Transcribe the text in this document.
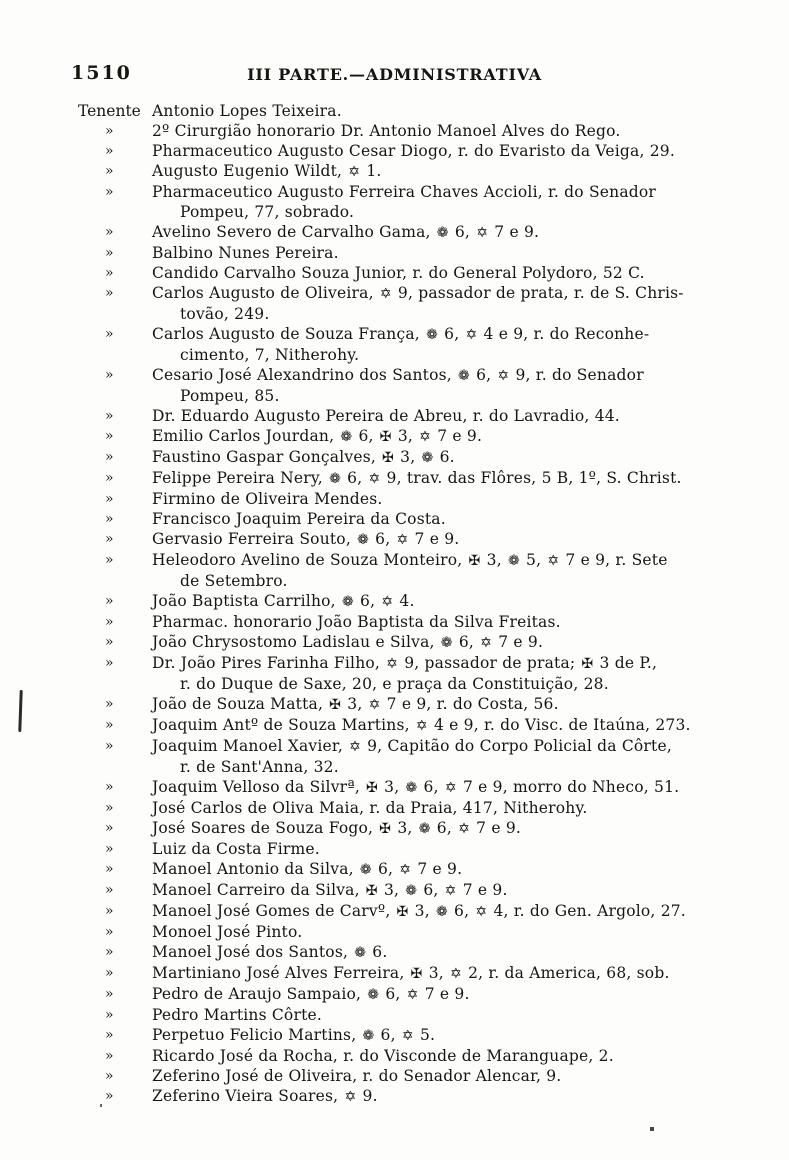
1510	III PARTE.—ADMINISTRATIVA
Tenente Antonio Lopes Teixeira.
»	2º Cirurgião honorario Dr. Antonio Manoel Alves do Rego.
»	Pharmaceutico Augusto Cesar Diogo, r. do Evaristo da Veiga, 29.
»	Augusto Eugenio Wildt, ✡ 1.
»	Pharmaceutico Augusto Ferreira Chaves Accioli, r. do Senador
Pompeu, 77, sobrado.
»	Avelino Severo de Carvalho Gama, ❁ 6, ✡ 7 e 9.
»	Balbino Nunes Pereira.
»	Candido Carvalho Souza Junior, r. do General Polydoro, 52 C.
»	Carlos Augusto de Oliveira, ✡ 9, passador de prata, r. de S. Chris-
tovão, 249.
»	Carlos Augusto de Souza França, ❁ 6, ✡ 4 e 9, r. do Reconhe-
cimento, 7, Nitherohy.
»	Cesario José Alexandrino dos Santos, ❁ 6, ✡ 9, r. do Senador
Pompeu, 85.
»	Dr. Eduardo Augusto Pereira de Abreu, r. do Lavradio, 44.
»	Emilio Carlos Jourdan, ❁ 6, ✠ 3, ✡ 7 e 9.
»	Faustino Gaspar Gonçalves, ✠ 3, ❁ 6.
»	Felippe Pereira Nery, ❁ 6, ✡ 9, trav. das Flôres, 5 B, 1º, S. Christ.
»	Firmino de Oliveira Mendes.
»	Francisco Joaquim Pereira da Costa.
»	Gervasio Ferreira Souto, ❁ 6, ✡ 7 e 9.
»	Heleodoro Avelino de Souza Monteiro, ✠ 3, ❁ 5, ✡ 7 e 9, r. Sete
de Setembro.
»	João Baptista Carrilho, ❁ 6, ✡ 4.
»	Pharmac. honorario João Baptista da Silva Freitas.
»	João Chrysostomo Ladislau e Silva, ❁ 6, ✡ 7 e 9.
»	Dr. João Pires Farinha Filho, ✡ 9, passador de prata; ✠ 3 de P.,
r. do Duque de Saxe, 20, e praça da Constituição, 28.
»	João de Souza Matta, ✠ 3, ✡ 7 e 9, r. do Costa, 56.
»	Joaquim Antº de Souza Martins, ✡ 4 e 9, r. do Visc. de Itaúna, 273.
»	Joaquim Manoel Xavier, ✡ 9, Capitão do Corpo Policial da Côrte,
r. de Sant'Anna, 32.
»	Joaquim Velloso da Silvrª, ✠ 3, ❁ 6, ✡ 7 e 9, morro do Nheco, 51.
»	José Carlos de Oliva Maia, r. da Praia, 417, Nitherohy.
»	José Soares de Souza Fogo, ✠ 3, ❁ 6, ✡ 7 e 9.
»	Luiz da Costa Firme.
»	Manoel Antonio da Silva, ❁ 6, ✡ 7 e 9.
»	Manoel Carreiro da Silva, ✠ 3, ❁ 6, ✡ 7 e 9.
»	Manoel José Gomes de Carvº, ✠ 3, ❁ 6, ✡ 4, r. do Gen. Argolo, 27.
»	Monoel José Pinto.
»	Manoel José dos Santos, ❁ 6.
»	Martiniano José Alves Ferreira, ✠ 3, ✡ 2, r. da America, 68, sob.
»	Pedro de Araujo Sampaio, ❁ 6, ✡ 7 e 9.
»	Pedro Martins Côrte.
»	Perpetuo Felicio Martins, ❁ 6, ✡ 5.
»	Ricardo José da Rocha, r. do Visconde de Maranguape, 2.
»	Zeferino José de Oliveira, r. do Senador Alencar, 9.
»	Zeferino Vieira Soares, ✡ 9.
